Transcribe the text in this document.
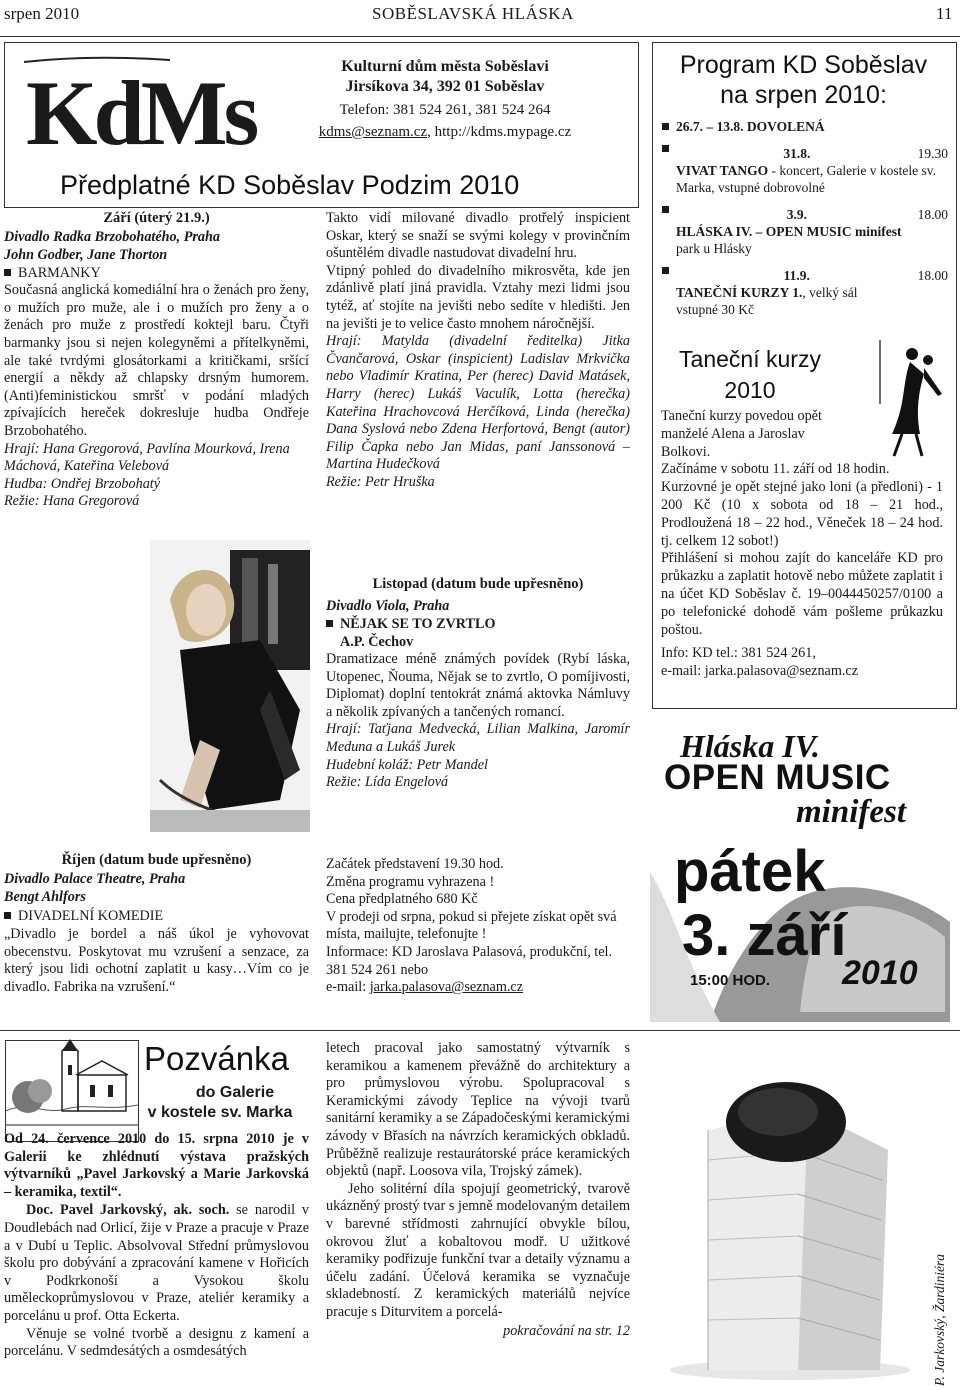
srpen 2010	SOBĚSLAVSKÁ HLÁSKA	11
KdMs	Kulturní dům města Soběslavi
Jirsíkova 34, 392 01 Soběslav
Telefon: 381 524 261, 381 524 264
kdms@seznam.cz, http://kdms.mypage.cz
Předplatné KD Soběslav Podzim 2010
Září (úterý 21.9.)
Divadlo Radka Brzobohatého, Praha
John Godber, Jane Thorton
BARMANKY

Současná anglická komediální hra o ženách pro ženy, o mužích pro muže, ale i o mužích pro ženy a o ženách pro muže z prostředí koktejl baru. Čtyři barmanky jsou si nejen kolegyněmi a přítelkyněmi, ale také tvrdými glosátorkami a kritičkami, sršící energií a někdy až chlapsky drsným humorem. (Anti)feministickou smršť v podání mladých zpívajících hereček dokresluje hudba Ondřeje Brzobohatého.

Hrají: Hana Gregorová, Pavlína Mourková, Irena Máchová, Kateřina Velebová

Hudba: Ondřej Brzobohatý

Režie: Hana Gregorová

Říjen (datum bude upřesněno)
Divadlo Palace Theatre, Praha
Bengt Ahlfors
DIVADELNÍ KOMEDIE

„Divadlo je bordel a náš úkol je vyhovovat obecenstvu. Poskytovat mu vzrušení a senzace, za který jsou lidi ochotní zaplatit u kasy…Vím co je divadlo. Fabrika na vzrušení.“

Takto vidí milované divadlo protřelý inspicient Oskar, který se snaží se svými kolegy v provinčním ošuntělém divadle nastudovat divadelní hru.

Vtipný pohled do divadelního mikrosvěta, kde jen zdánlivě platí jiná pravidla. Vztahy mezi lidmi jsou tytéž, ať stojíte na jevišti nebo sedíte v hledišti. Jen na jevišti je to velice často mnohem náročnější.

Hrají: Matylda (divadelní ředitelka) Jitka Čvančarová, Oskar (inspicient) Ladislav Mrkvička nebo Vladimír Kratina, Per (herec) David Matásek, Harry (herec) Lukáš Vaculík, Lotta (herečka) Kateřina Hrachovcová Herčíková, Linda (herečka) Dana Syslová nebo Zdena Herfortová, Bengt (autor) Filip Čapka nebo Jan Midas, paní Janssonová – Martina Hudečková

Režie: Petr Hruška

Listopad (datum bude upřesněno)
Divadlo Viola, Praha
NĚJAK SE TO ZVRTLO
A.P. Čechov

Dramatizace méně známých povídek (Rybí láska, Utopenec, Ňouma, Nějak se to zvrtlo, O pomíjivosti, Diplomat) doplní tentokrát známá aktovka Námluvy a několik zpívaných a tančených romancí.

Hrají: Taťjana Medvecká, Lilian Malkina, Jaromír Meduna a Lukáš Jurek

Hudební koláž: Petr Mandel

Režie: Lída Engelová

Začátek představení 19.30 hod.

Změna programu vyhrazena !

Cena předplatného 680 Kč

V prodeji od srpna, pokud si přejete získat opět svá místa, mailujte, telefonujte !

Informace: KD Jaroslava Palasová, produkční, tel. 381 524 261 nebo

e-mail: jarka.palasova@seznam.cz

Program KD Soběslav
na srpen 2010:
26.7. – 13.8. DOVOLENÁ
31.8.	19.30
VIVAT TANGO - koncert, Galerie v kostele sv. Marka, vstupné dobrovolné
3.9.	18.00
HLÁSKA IV. – OPEN MUSIC minifest
park u Hlásky
11.9.	18.00
TANEČNÍ KURZY 1., velký sál vstupné 30 Kč
Taneční kurzy
2010
Taneční kurzy povedou opět manželé Alena a Jaroslav Bolkovi.
Začínáme v sobotu 11. září od 18 hodin.
Kurzovné je opět stejné jako loni (a předloni) - 1 200 Kč (10 x sobota od 18 – 21 hod., Prodloužená 18 – 22 hod., Věneček 18 – 24 hod. tj. celkem 12 sobot!)
Přihlášení si mohou zajít do kanceláře KD pro průkazku a zaplatit hotově nebo můžete zaplatit i na účet KD Soběslav č. 19–0044450257/0100 a po telefonické dohodě vám pošleme průkazku poštou.
Info: KD tel.: 381 524 261,
e-mail: jarka.palasova@seznam.cz
Hláska IV.
OPEN MUSIC
minifest
pátek
3. září
15:00 HOD. 2010
Pozvánka
do Galerie
v kostele sv. Marka

Od 24. července 2010 do 15. srpna 2010 je v Galerii ke zhlédnutí výstava pražských výtvarníků „Pavel Jarkovský a Marie Jarkovská – keramika, textil“.

Doc. Pavel Jarkovský, ak. soch. se narodil v Doudlebách nad Orlicí, žije v Praze a pracuje v Praze a v Dubí u Teplic. Absolvoval Střední průmyslovou školu pro dobývání a zpracování kamene v Hořicích v Podkrkonoší a Vysokou školu uměleckoprůmyslovou v Praze, ateliér keramiky a porcelánu u prof. Otta Eckerta.

Věnuje se volné tvorbě a designu z kamení a porcelánu. V sedmdesátých a osmdesátých

letech pracoval jako samostatný výtvarník s keramikou a kamenem převážně do architektury a pro průmyslovou výrobu. Spolupracoval s Keramickými závody Teplice na vývoji tvarů sanitární keramiky a se Západočeskými keramickými závody v Břasích na návrzích keramických obkladů. Průběžně realizuje restaurátorské práce keramických objektů (např. Loosova vila, Trojský zámek).

Jeho solitérní díla spojují geometrický, tvarově ukázněný prostý tvar s jemně modelovaným detailem v barevné střídmosti zahrnující obvykle bílou, okrovou žluť a kobaltovou modř. U užitkové keramiky podřizuje funkční tvar a detaily významu a účelu zadání. Účelová keramika se vyznačuje skladebností. Z keramických materiálů nejvíce pracuje s Diturvitem a porcelá-

pokračování na str. 12	P. Jarkovský, Žardiniéra
